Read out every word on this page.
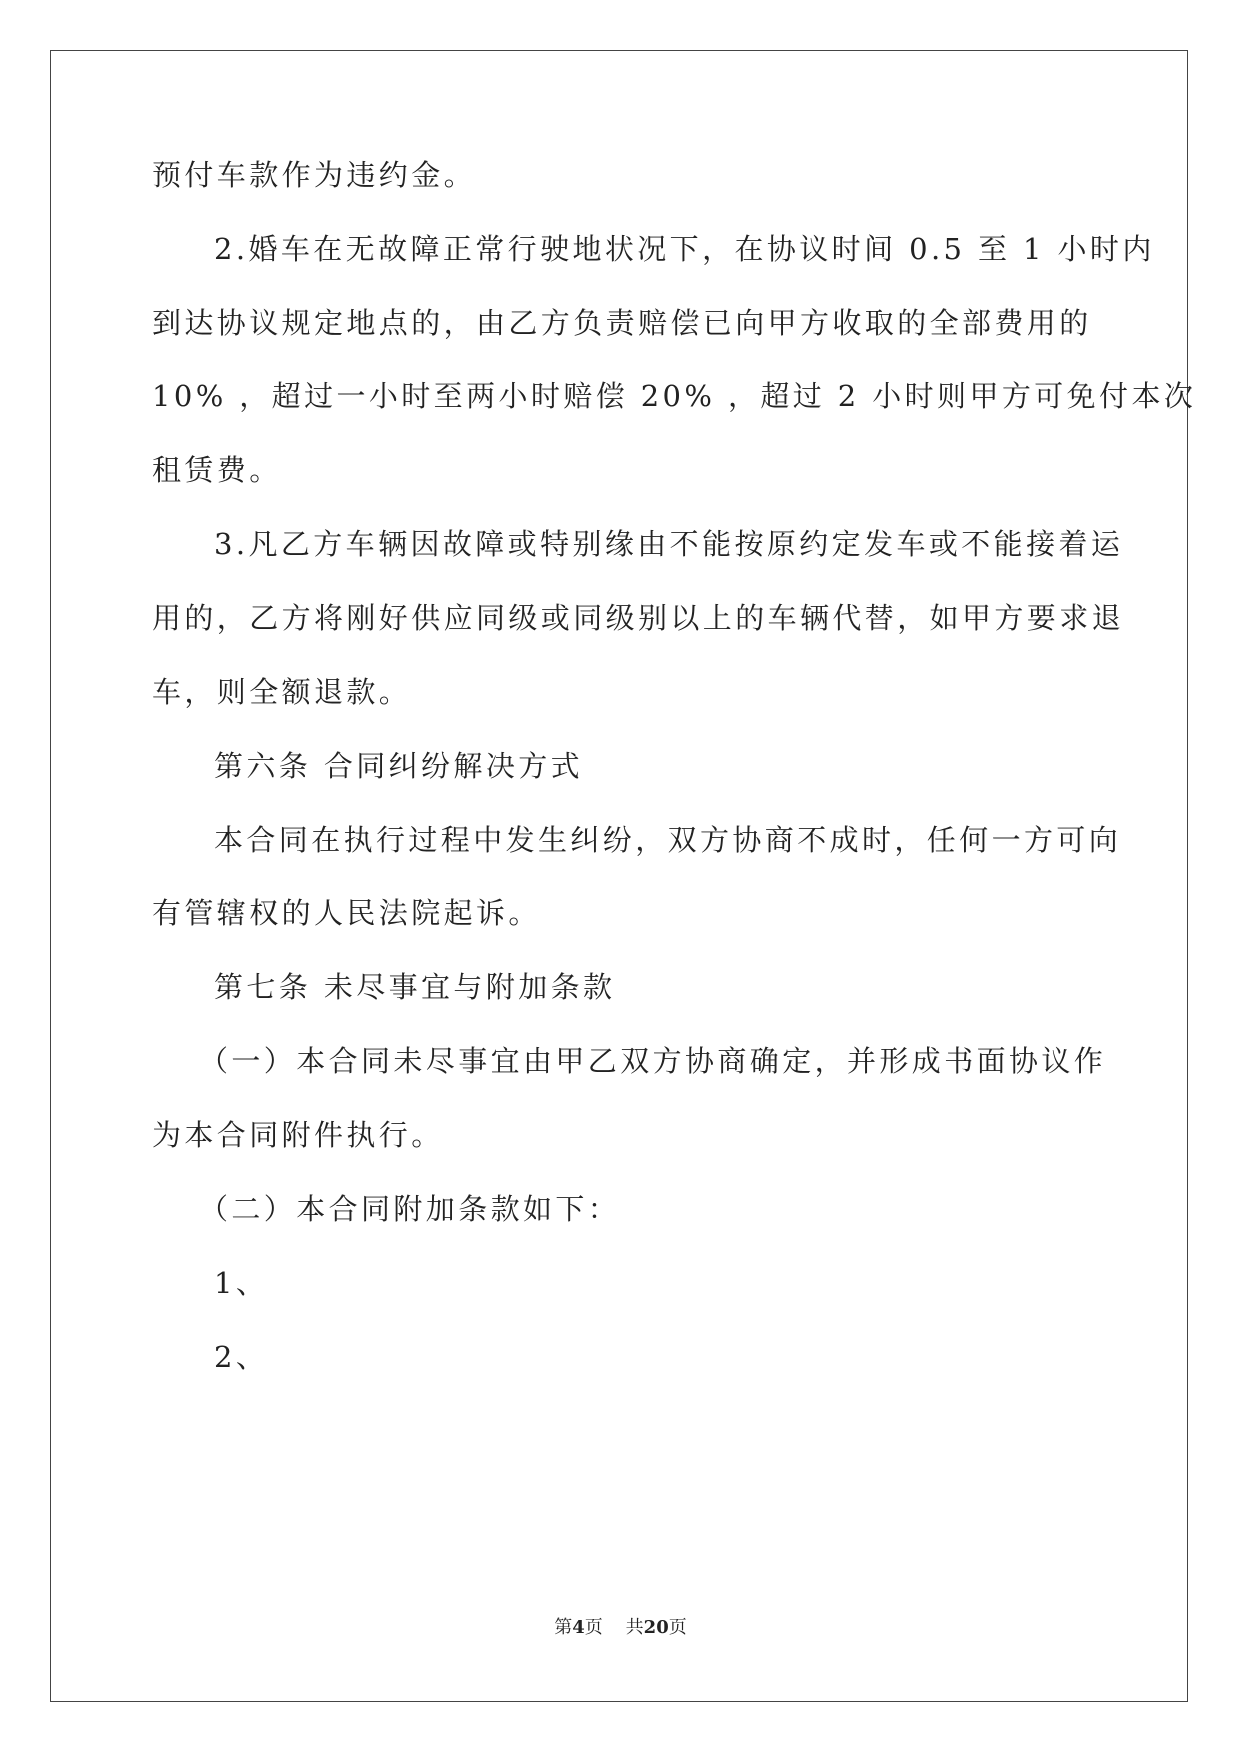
预付车款作为违约金。
2.婚车在无故障正常行驶地状况下，在协议时间 0.5 至 1 小时内
到达协议规定地点的，由乙方负责赔偿已向甲方收取的全部费用的
10% ，超过一小时至两小时赔偿 20% ，超过 2 小时则甲方可免付本次
租赁费。
3.凡乙方车辆因故障或特别缘由不能按原约定发车或不能接着运
用的，乙方将刚好供应同级或同级别以上的车辆代替，如甲方要求退
车，则全额退款。
第六条 合同纠纷解决方式
本合同在执行过程中发生纠纷，双方协商不成时，任何一方可向
有管辖权的人民法院起诉。
第七条 未尽事宜与附加条款
（一）本合同未尽事宜由甲乙双方协商确定，并形成书面协议作
为本合同附件执行。
（二）本合同附加条款如下：
1、
2、
第4页    共20页
